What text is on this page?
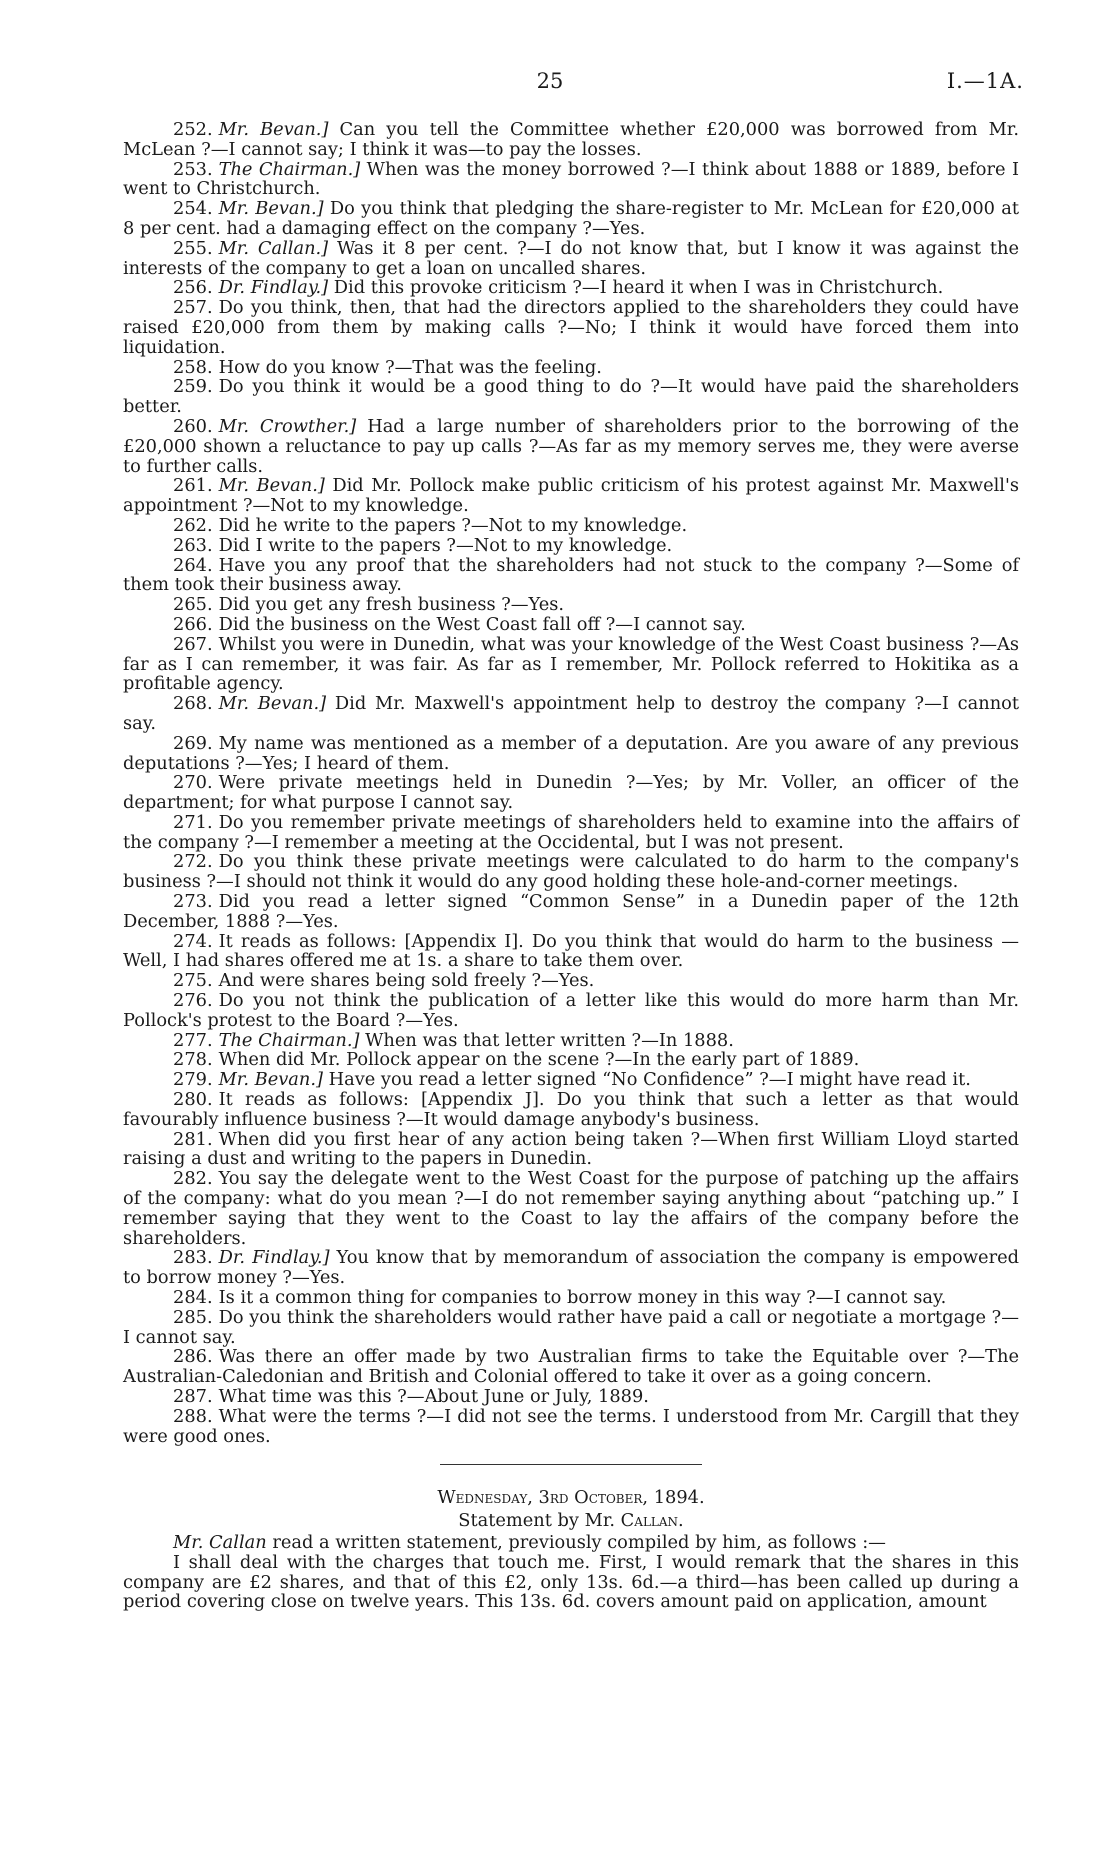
25	I.—1A.

252. Mr. Bevan.] Can you tell the Committee whether £20,000 was borrowed from Mr. McLean ?—I cannot say; I think it was—to pay the losses.

253. The Chairman.] When was the money borrowed ?—I think about 1888 or 1889, before I went to Christchurch.

254. Mr. Bevan.] Do you think that pledging the share-register to Mr. McLean for £20,000 at 8 per cent. had a damaging effect on the company ?—Yes.

255. Mr. Callan.] Was it 8 per cent. ?—I do not know that, but I know it was against the interests of the company to get a loan on uncalled shares.

256. Dr. Findlay.] Did this provoke criticism ?—I heard it when I was in Christchurch.

257. Do you think, then, that had the directors applied to the shareholders they could have raised £20,000 from them by making calls ?—No; I think it would have forced them into liquidation.

258. How do you know ?—That was the feeling.

259. Do you think it would be a good thing to do ?—It would have paid the shareholders better.

260. Mr. Crowther.] Had a large number of shareholders prior to the borrowing of the £20,000 shown a reluctance to pay up calls ?—As far as my memory serves me, they were averse to further calls.

261. Mr. Bevan.] Did Mr. Pollock make public criticism of his protest against Mr. Maxwell's appointment ?—Not to my knowledge.

262. Did he write to the papers ?—Not to my knowledge.

263. Did I write to the papers ?—Not to my knowledge.

264. Have you any proof that the shareholders had not stuck to the company ?—Some of them took their business away.

265. Did you get any fresh business ?—Yes.

266. Did the business on the West Coast fall off ?—I cannot say.

267. Whilst you were in Dunedin, what was your knowledge of the West Coast business ?—As far as I can remember, it was fair. As far as I remember, Mr. Pollock referred to Hokitika as a profitable agency.

268. Mr. Bevan.] Did Mr. Maxwell's appointment help to destroy the company ?—I cannot say.

269. My name was mentioned as a member of a deputation. Are you aware of any previous deputations ?—Yes; I heard of them.

270. Were private meetings held in Dunedin ?—Yes; by Mr. Voller, an officer of the department; for what purpose I cannot say.

271. Do you remember private meetings of shareholders held to examine into the affairs of the company ?—I remember a meeting at the Occidental, but I was not present.

272. Do you think these private meetings were calculated to do harm to the company's business ?—I should not think it would do any good holding these hole-and-corner meetings.

273. Did you read a letter signed “Common Sense” in a Dunedin paper of the 12th December, 1888 ?—Yes.

274. It reads as follows: [Appendix I]. Do you think that would do harm to the business —Well, I had shares offered me at 1s. a share to take them over.

275. And were shares being sold freely ?—Yes.

276. Do you not think the publication of a letter like this would do more harm than Mr. Pollock's protest to the Board ?—Yes.

277. The Chairman.] When was that letter written ?—In 1888.

278. When did Mr. Pollock appear on the scene ?—In the early part of 1889.

279. Mr. Bevan.] Have you read a letter signed “No Confidence” ?—I might have read it.

280. It reads as follows: [Appendix J]. Do you think that such a letter as that would favourably influence business ?—It would damage anybody's business.

281. When did you first hear of any action being taken ?—When first William Lloyd started raising a dust and writing to the papers in Dunedin.

282. You say the delegate went to the West Coast for the purpose of patching up the affairs of the company: what do you mean ?—I do not remember saying anything about “patching up.” I remember saying that they went to the Coast to lay the affairs of the company before the shareholders.

283. Dr. Findlay.] You know that by memorandum of association the company is empowered to borrow money ?—Yes.

284. Is it a common thing for companies to borrow money in this way ?—I cannot say.

285. Do you think the shareholders would rather have paid a call or negotiate a mortgage ?—I cannot say.

286. Was there an offer made by two Australian firms to take the Equitable over ?—The Australian-Caledonian and British and Colonial offered to take it over as a going concern.

287. What time was this ?—About June or July, 1889.

288. What were the terms ?—I did not see the terms. I understood from Mr. Cargill that they were good ones.

Wednesday, 3rd October, 1894.

Statement by Mr. Callan.

Mr. Callan read a written statement, previously compiled by him, as follows :—

I shall deal with the charges that touch me. First, I would remark that the shares in this company are £2 shares, and that of this £2, only 13s. 6d.—a third—has been called up during a period covering close on twelve years. This 13s. 6d. covers amount paid on application, amount
